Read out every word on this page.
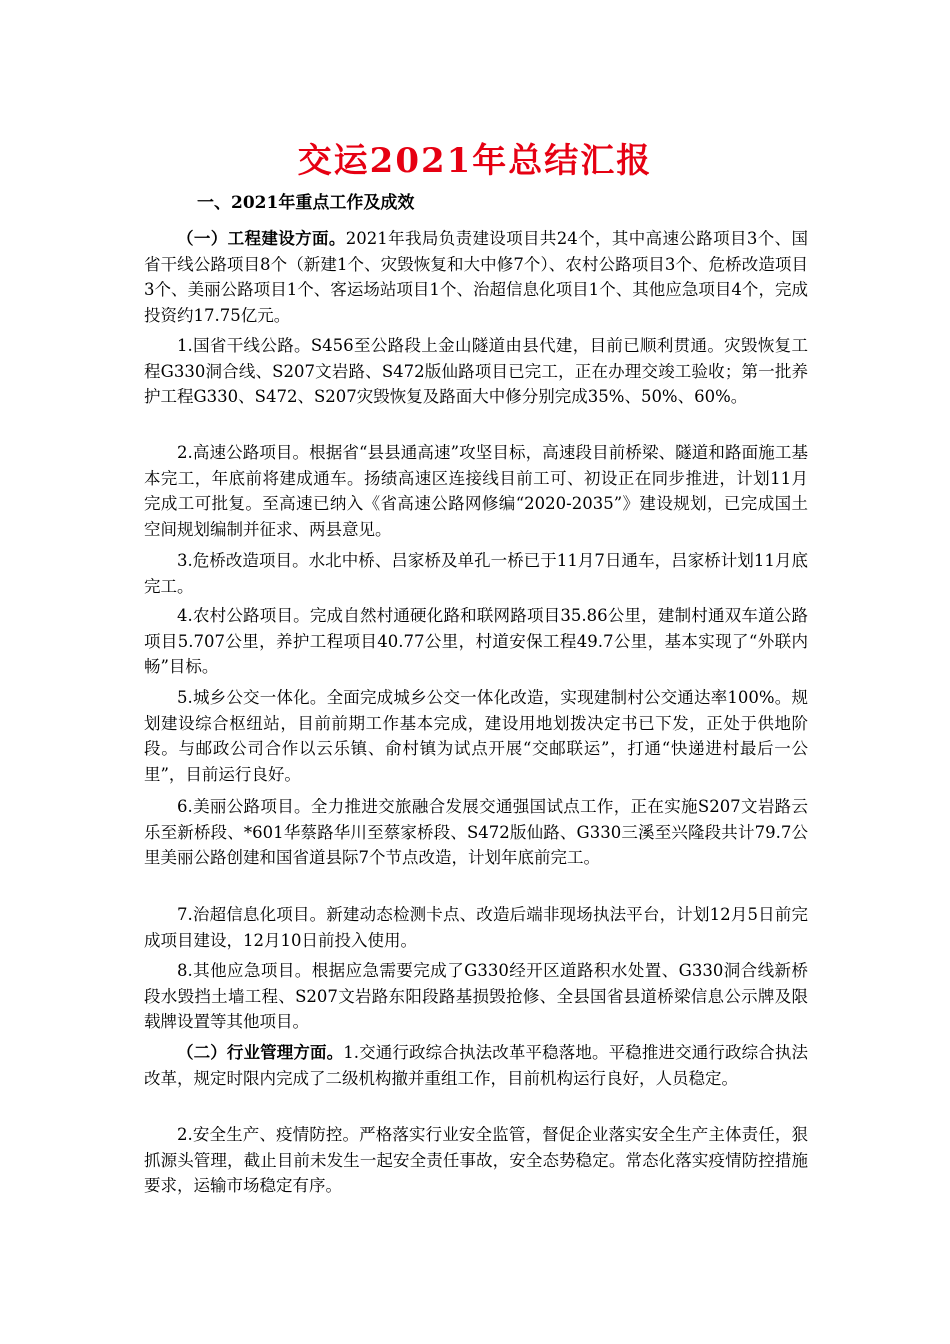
交运2021年总结汇报

一、2021年重点工作及成效

（一）工程建设方面。2021年我局负责建设项目共24个，其中高速公路项目3个、国省干线公路项目8个（新建1个、灾毁恢复和大中修7个）、农村公路项目3个、危桥改造项目3个、美丽公路项目1个、客运场站项目1个、治超信息化项目1个、其他应急项目4个，完成投资约17.75亿元。

1.国省干线公路。S456至公路段上金山隧道由县代建，目前已顺利贯通。灾毁恢复工程G330洞合线、S207文岩路、S472版仙路项目已完工，正在办理交竣工验收；第一批养护工程G330、S472、S207灾毁恢复及路面大中修分别完成35%、50%、60%。

2.高速公路项目。根据省“县县通高速”攻坚目标，高速段目前桥梁、隧道和路面施工基本完工，年底前将建成通车。扬绩高速区连接线目前工可、初设正在同步推进，计划11月完成工可批复。至高速已纳入《省高速公路网修编“2020-2035”》建设规划，已完成国土空间规划编制并征求、两县意见。

3.危桥改造项目。水北中桥、吕家桥及单孔一桥已于11月7日通车，吕家桥计划11月底完工。

4.农村公路项目。完成自然村通硬化路和联网路项目35.86公里，建制村通双车道公路项目5.707公里，养护工程项目40.77公里，村道安保工程49.7公里，基本实现了“外联内畅”目标。

5.城乡公交一体化。全面完成城乡公交一体化改造，实现建制村公交通达率100%。规划建设综合枢纽站，目前前期工作基本完成，建设用地划拨决定书已下发，正处于供地阶段。与邮政公司合作以云乐镇、俞村镇为试点开展“交邮联运”，打通“快递进村最后一公里”，目前运行良好。

6.美丽公路项目。全力推进交旅融合发展交通强国试点工作，正在实施S207文岩路云乐至新桥段、*601华蔡路华川至蔡家桥段、S472版仙路、G330三溪至兴隆段共计79.7公里美丽公路创建和国省道县际7个节点改造，计划年底前完工。

7.治超信息化项目。新建动态检测卡点、改造后端非现场执法平台，计划12月5日前完成项目建设，12月10日前投入使用。

8.其他应急项目。根据应急需要完成了G330经开区道路积水处置、G330洞合线新桥段水毁挡土墙工程、S207文岩路东阳段路基损毁抢修、全县国省县道桥梁信息公示牌及限载牌设置等其他项目。

（二）行业管理方面。1.交通行政综合执法改革平稳落地。平稳推进交通行政综合执法改革，规定时限内完成了二级机构撤并重组工作，目前机构运行良好，人员稳定。

2.安全生产、疫情防控。严格落实行业安全监管，督促企业落实安全生产主体责任，狠抓源头管理，截止目前未发生一起安全责任事故，安全态势稳定。常态化落实疫情防控措施要求，运输市场稳定有序。
